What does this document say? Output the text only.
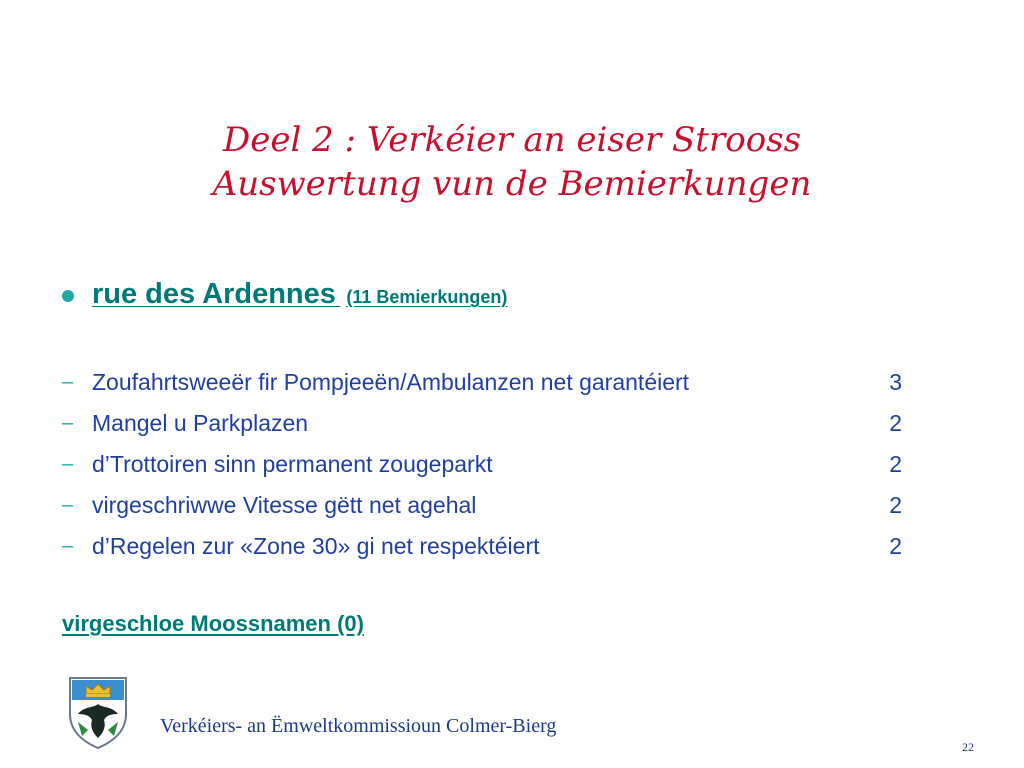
Deel 2 : Verkéier an eiser Strooss
Auswertung vun de Bemierkungen
rue des Ardennes (11 Bemierkungen)
– Zoufahrtsweeër fir Pompjeeën/Ambulanzen net garantéiert	3
– Mangel u Parkplazen	2
– d’Trottoiren sinn permanent zougeparkt	2
– virgeschriwwe Vitesse gëtt net agehal	2
– d’Regelen zur «Zone 30» gi net respektéiert	2
virgeschloe Moossnamen (0)
Verkéiers- an Ëmweltkommissioun Colmer-Bierg
22
